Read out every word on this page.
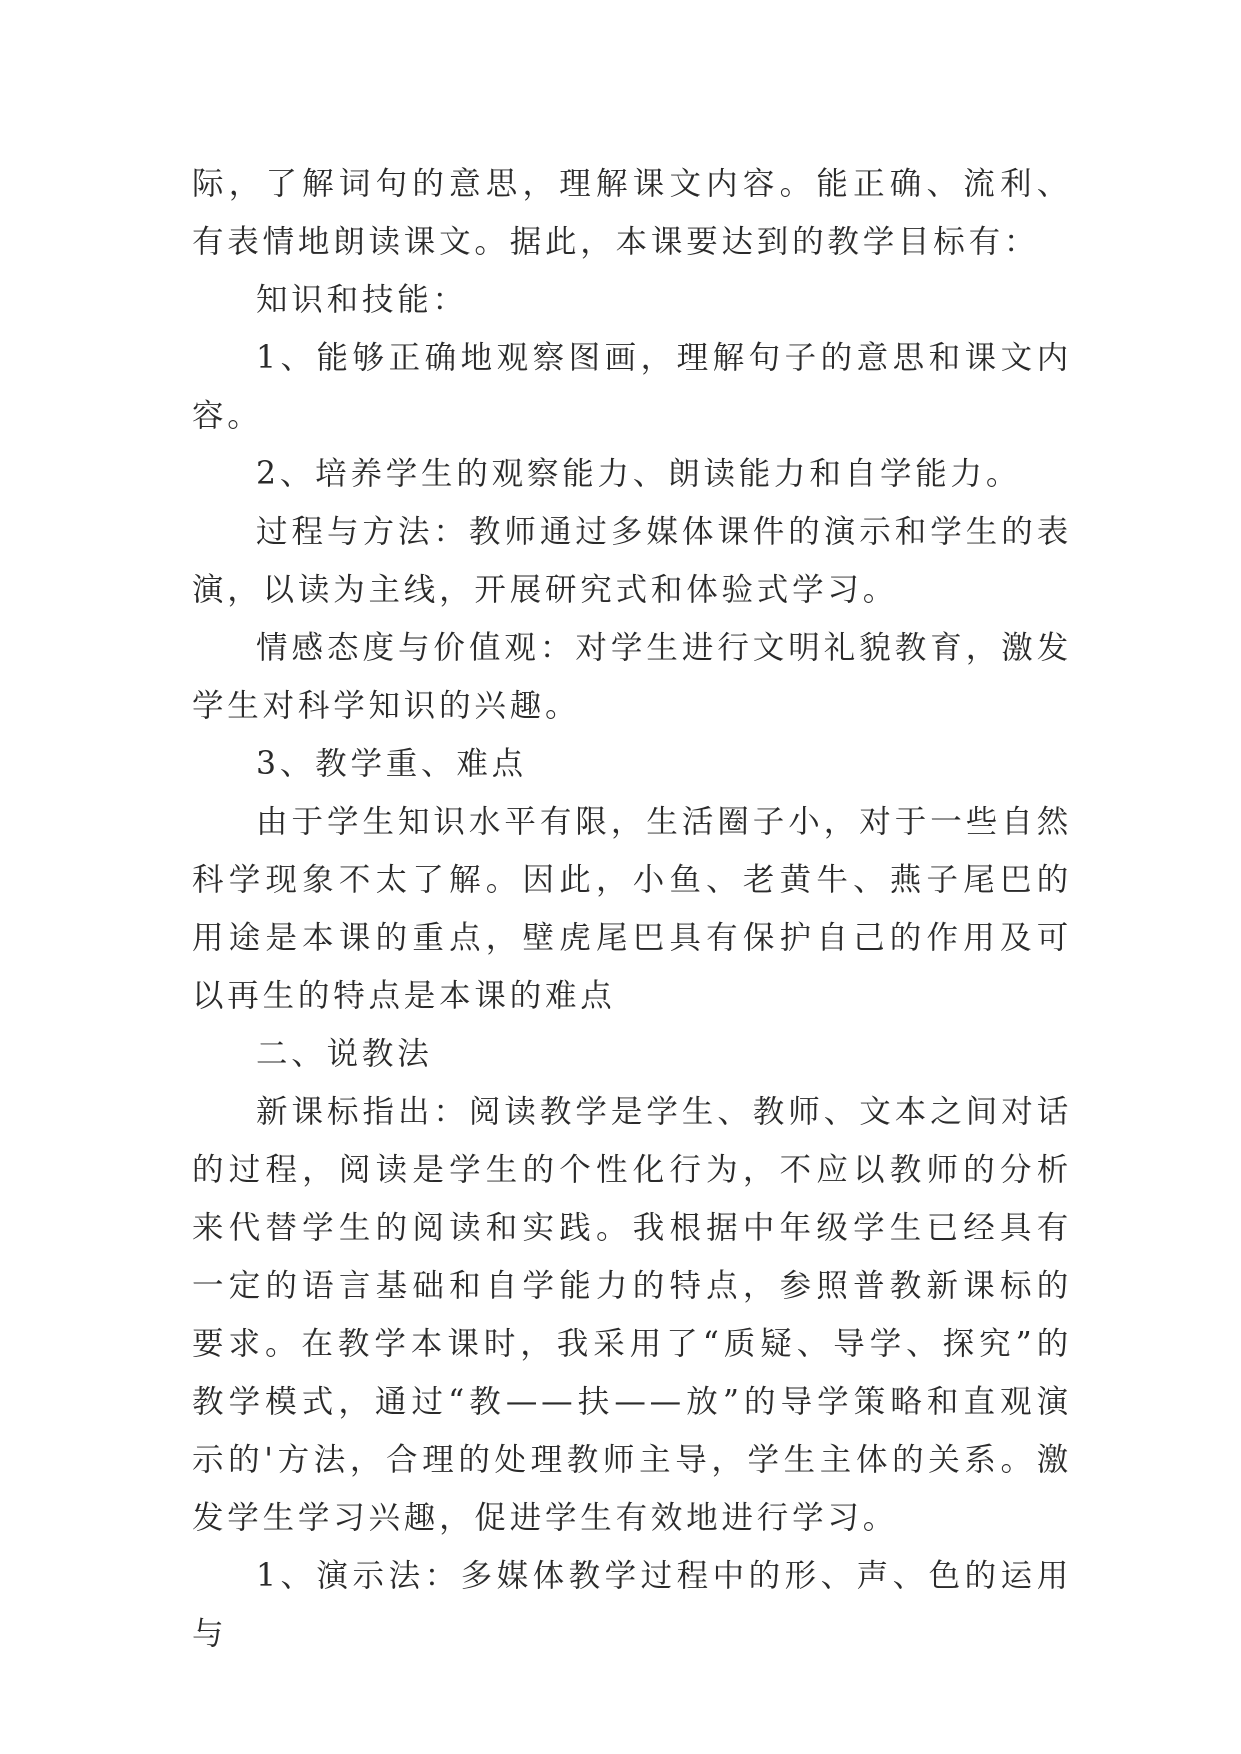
际，了解词句的意思，理解课文内容。能正确、流利、有表情地朗读课文。据此，本课要达到的教学目标有：

知识和技能：

1、能够正确地观察图画，理解句子的意思和课文内容。

2、培养学生的观察能力、朗读能力和自学能力。

过程与方法：教师通过多媒体课件的演示和学生的表演，以读为主线，开展研究式和体验式学习。

情感态度与价值观：对学生进行文明礼貌教育，激发学生对科学知识的兴趣。

3、教学重、难点

由于学生知识水平有限，生活圈子小，对于一些自然科学现象不太了解。因此，小鱼、老黄牛、燕子尾巴的用途是本课的重点，壁虎尾巴具有保护自己的作用及可以再生的特点是本课的难点

二、说教法

新课标指出：阅读教学是学生、教师、文本之间对话的过程，阅读是学生的个性化行为，不应以教师的分析来代替学生的阅读和实践。我根据中年级学生已经具有一定的语言基础和自学能力的特点，参照普教新课标的要求。在教学本课时，我采用了“质疑、导学、探究”的教学模式，通过“教——扶——放”的导学策略和直观演示的'方法，合理的处理教师主导，学生主体的关系。激发学生学习兴趣，促进学生有效地进行学习。

1、演示法：多媒体教学过程中的形、声、色的运用与
